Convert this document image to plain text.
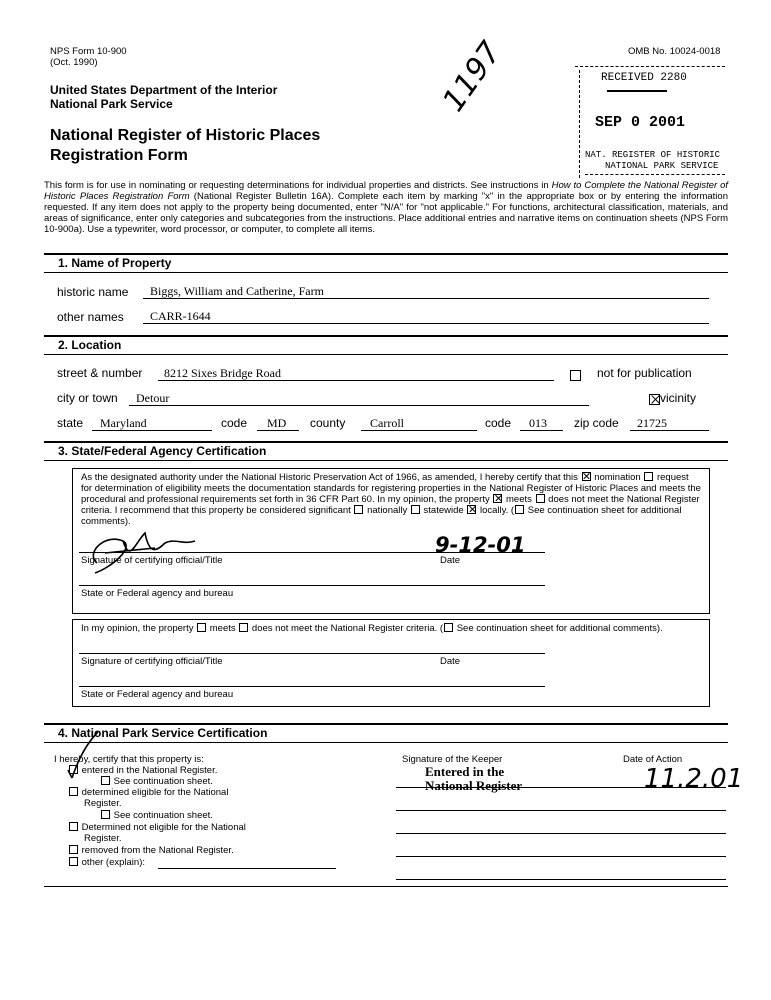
NPS Form 10-900
(Oct. 1990)
OMB No. 10024-0018
United States Department of the Interior
National Park Service
National Register of Historic Places
Registration Form
1197	RECEIVED 2280
SEP 0 2001
NAT. REGISTER OF HISTORIC
NATIONAL PARK SERVICE
This form is for use in nominating or requesting determinations for individual properties and districts. See instructions in How to Complete the National Register of Historic Places Registration Form (National Register Bulletin 16A). Complete each item by marking "x" in the appropriate box or by entering the information requested. If any item does not apply to the property being documented, enter "N/A" for "not applicable." For functions, architectural classification, materials, and areas of significance, enter only categories and subcategories from the instructions. Place additional entries and narrative items on continuation sheets (NPS Form 10-900a). Use a typewriter, word processor, or computer, to complete all items.
1. Name of Property
historic name Biggs, William and Catherine, Farm
other names CARR-1644
2. Location
street & number 8212 Sixes Bridge Road
	not for publication
city or town Detour	vicinity
state Maryland	code MD county Carroll	code 013 zip code 21725
3. State/Federal Agency Certification
As the designated authority under the National Historic Preservation Act of 1966, as amended, I hereby certify that this nomination request for determination of eligibility meets the documentation standards for registering properties in the National Register of Historic Places and meets the procedural and professional requirements set forth in 36 CFR Part 60. In my opinion, the property meets does not meet the National Register criteria. I recommend that this property be considered significant nationally statewide locally. ( See continuation sheet for additional comments).
9-12-01
Signature of certifying official/Title	Date
State or Federal agency and bureau
In my opinion, the property meets does not meet the National Register criteria. ( See continuation sheet for additional comments).
Signature of certifying official/Title	Date
State or Federal agency and bureau
4. National Park Service Certification
I hereby, certify that this property is:
entered in the National Register.
See continuation sheet.
determined eligible for the National
Register.
See continuation sheet.
Determined not eligible for the National
Register.
removed from the National Register.
other (explain):
Signature of the Keeper	Date of Action
Entered in the
National Register	11.2.01
